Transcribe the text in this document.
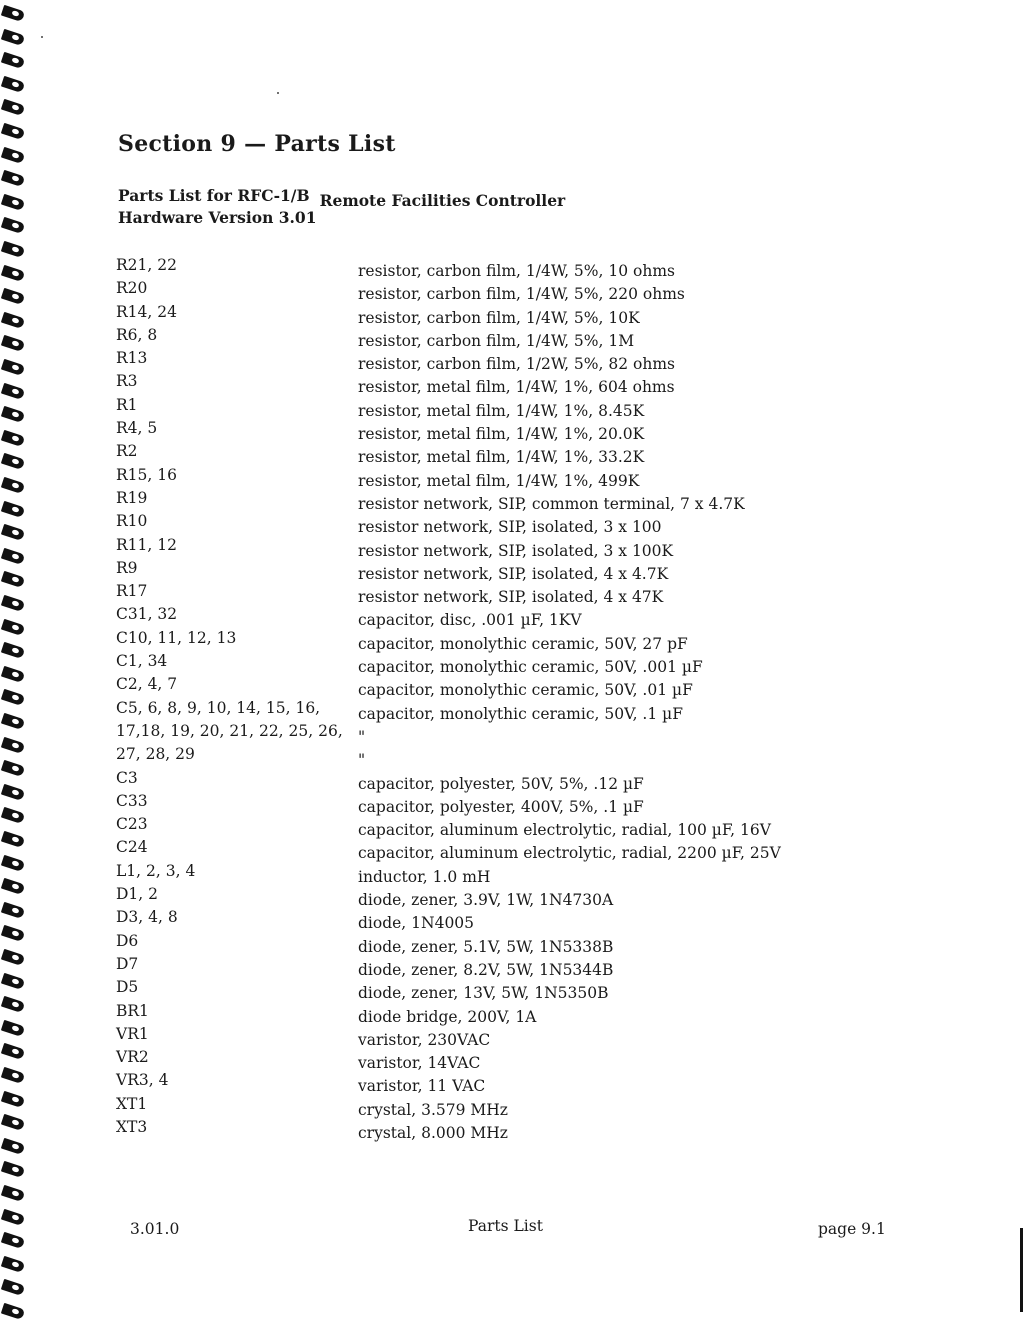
Section 9 — Parts List

Parts List for RFC-1/B Remote Facilities Controller

Hardware Version 3.01

R21, 22	resistor, carbon film, 1/4W, 5%, 10 ohms
R20	resistor, carbon film, 1/4W, 5%, 220 ohms
R14, 24	resistor, carbon film, 1/4W, 5%, 10K
R6, 8	resistor, carbon film, 1/4W, 5%, 1M
R13	resistor, carbon film, 1/2W, 5%, 82 ohms
R3	resistor, metal film, 1/4W, 1%, 604 ohms
R1	resistor, metal film, 1/4W, 1%, 8.45K
R4, 5	resistor, metal film, 1/4W, 1%, 20.0K
R2	resistor, metal film, 1/4W, 1%, 33.2K
R15, 16	resistor, metal film, 1/4W, 1%, 499K
R19	resistor network, SIP, common terminal, 7 x 4.7K
R10	resistor network, SIP, isolated, 3 x 100
R11, 12	resistor network, SIP, isolated, 3 x 100K
R9	resistor network, SIP, isolated, 4 x 4.7K
R17	resistor network, SIP, isolated, 4 x 47K
C31, 32	capacitor, disc, .001 µF, 1KV
C10, 11, 12, 13	capacitor, monolythic ceramic, 50V, 27 pF
C1, 34	capacitor, monolythic ceramic, 50V, .001 µF
C2, 4, 7	capacitor, monolythic ceramic, 50V, .01 µF
C5, 6, 8, 9, 10, 14, 15, 16, capacitor, monolythic ceramic, 50V, .1 µF
17,18, 19, 20, 21, 22, 25, 26, "
27, 28, 29	"
C3	capacitor, polyester, 50V, 5%, .12 µF
C33	capacitor, polyester, 400V, 5%, .1 µF
C23	capacitor, aluminum electrolytic, radial, 100 µF, 16V
C24	capacitor, aluminum electrolytic, radial, 2200 µF, 25V
L1, 2, 3, 4	inductor, 1.0 mH
D1, 2	diode, zener, 3.9V, 1W, 1N4730A
D3, 4, 8	diode, 1N4005
D6	diode, zener, 5.1V, 5W, 1N5338B
D7	diode, zener, 8.2V, 5W, 1N5344B
D5	diode, zener, 13V, 5W, 1N5350B
BR1	diode bridge, 200V, 1A
VR1	varistor, 230VAC
VR2	varistor, 14VAC
VR3, 4	varistor, 11 VAC
XT1	crystal, 3.579 MHz
XT3	crystal, 8.000 MHz
3.01.0	Parts List	page 9.1
